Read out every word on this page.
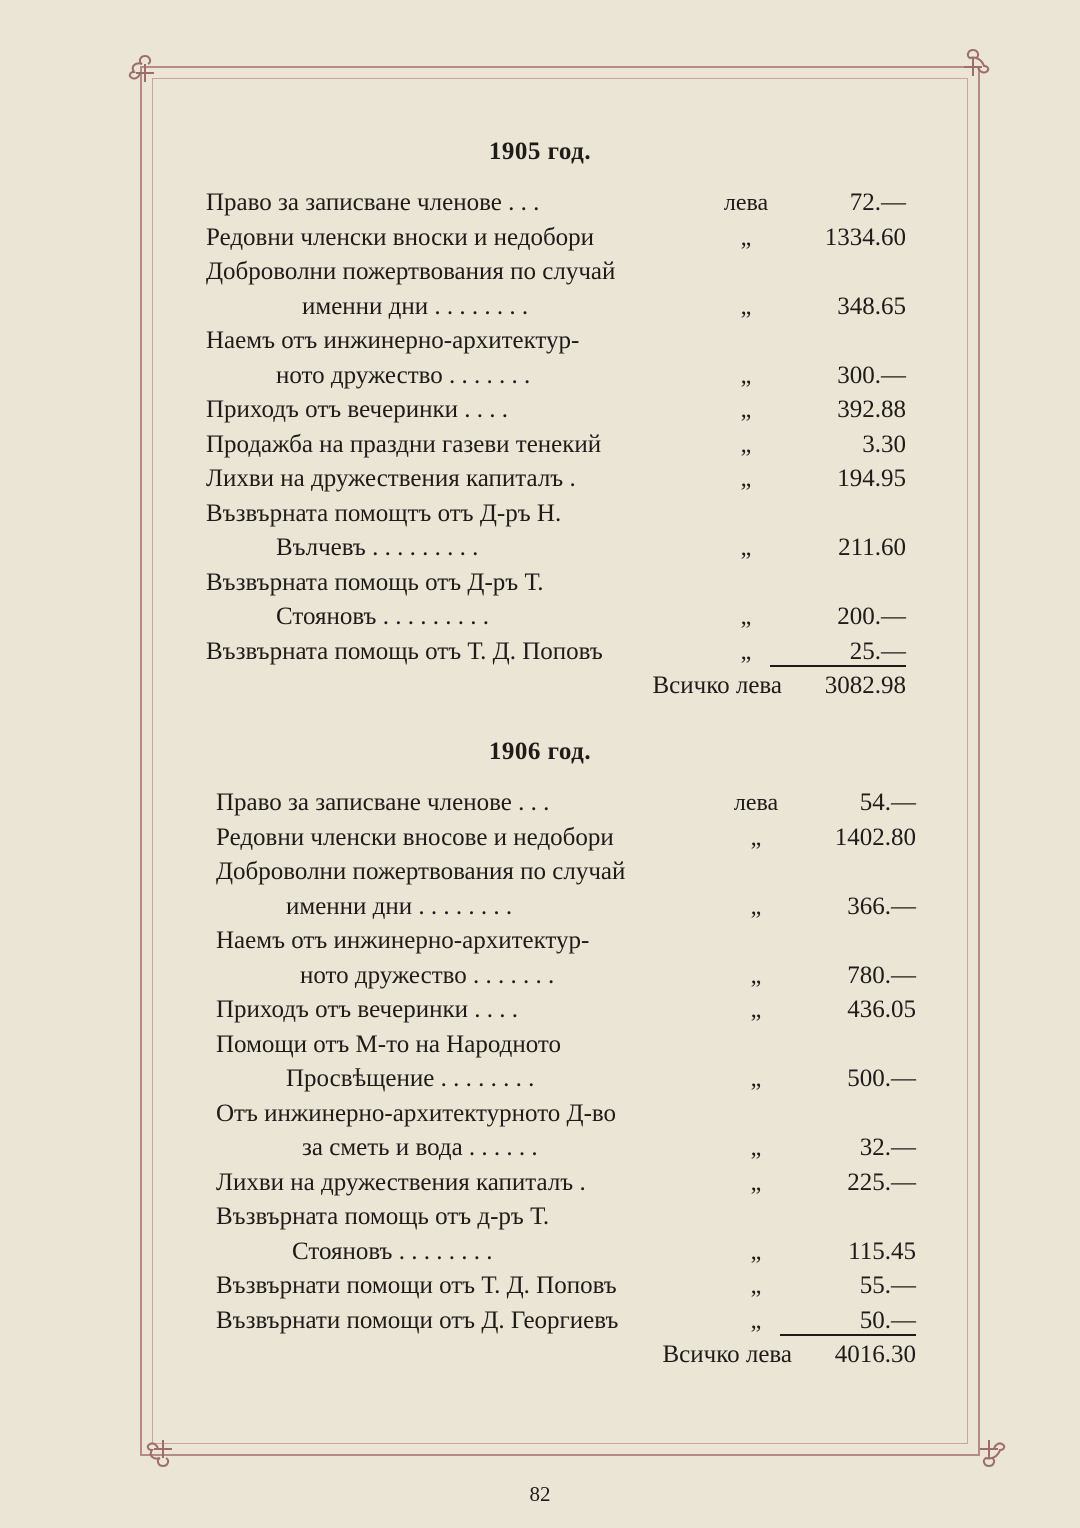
1905 год.
Право за записване членове . . .	лева	72.—
Редовни членски вноски и недобори	„	1334.60
Доброволни пожертвования по случай
именни дни . . . . . . . .	„	348.65
Наемъ отъ инжинерно-архитектур-
ното дружество . . . . . . .	„	300.—
Приходъ отъ вечеринки . . . .	„	392.88
Продажба на праздни газеви тенекий	„	3.30
Лихви на дружествения капиталъ .	„	194.95
Възвърната помощтъ отъ Д-ръ Н.
Вълчевъ . . . . . . . . .	„	211.60
Възвърната помощь отъ Д-ръ Т.
Стояновъ . . . . . . . . .	„	200.—
Възвърната помощь отъ Т. Д. Поповъ	„	25.—
Всичко лева 3082.98
1906 год.
Право за записване членове . . .	лева	54.—
Редовни членски вносове и недобори	„	1402.80
Доброволни пожертвования по случай
именни дни . . . . . . . .	„	366.—
Наемъ отъ инжинерно-архитектур-
ното дружество . . . . . . .	„	780.—
Приходъ отъ вечеринки . . . .	„	436.05
Помощи отъ М-то на Народното
Просвѣщение . . . . . . . .	„	500.—
Отъ инжинерно-архитектурното Д-во
за сметь и вода . . . . . .	„	32.—
Лихви на дружествения капиталъ .	„	225.—
Възвърната помощь отъ д-ръ Т.
Стояновъ . . . . . . . .	„	115.45
Възвърнати помощи отъ Т. Д. Поповъ	„	55.—
Възвърнати помощи отъ Д. Георгиевъ	„	50.—
Всичко лева 4016.30
82
